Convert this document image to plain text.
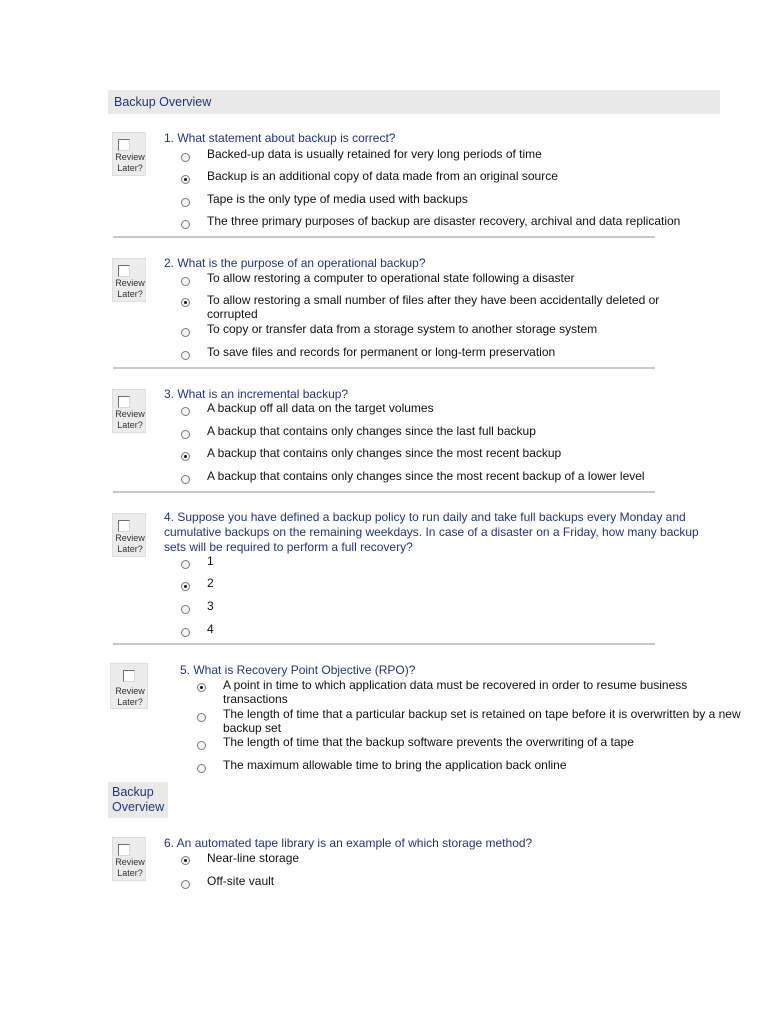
Backup Overview
Review Later?
1. What statement about backup is correct?
Backed-up data is usually retained for very long periods of time
Backup is an additional copy of data made from an original source
Tape is the only type of media used with backups
The three primary purposes of backup are disaster recovery, archival and data replication
Review Later?
2. What is the purpose of an operational backup?
To allow restoring a computer to operational state following a disaster
To allow restoring a small number of files after they have been accidentally deleted or corrupted
To copy or transfer data from a storage system to another storage system
To save files and records for permanent or long-term preservation
Review Later?
3. What is an incremental backup?
A backup off all data on the target volumes
A backup that contains only changes since the last full backup
A backup that contains only changes since the most recent backup
A backup that contains only changes since the most recent backup of a lower level
Review Later?
4. Suppose you have defined a backup policy to run daily and take full backups every Monday and cumulative backups on the remaining weekdays. In case of a disaster on a Friday, how many backup sets will be required to perform a full recovery?
1
2
3
4
Review Later?
5. What is Recovery Point Objective (RPO)?
A point in time to which application data must be recovered in order to resume business transactions
The length of time that a particular backup set is retained on tape before it is overwritten by a new backup set
The length of time that the backup software prevents the overwriting of a tape
The maximum allowable time to bring the application back online
Backup
Overview
Review Later?
6. An automated tape library is an example of which storage method?
Near-line storage
Off-site vault
